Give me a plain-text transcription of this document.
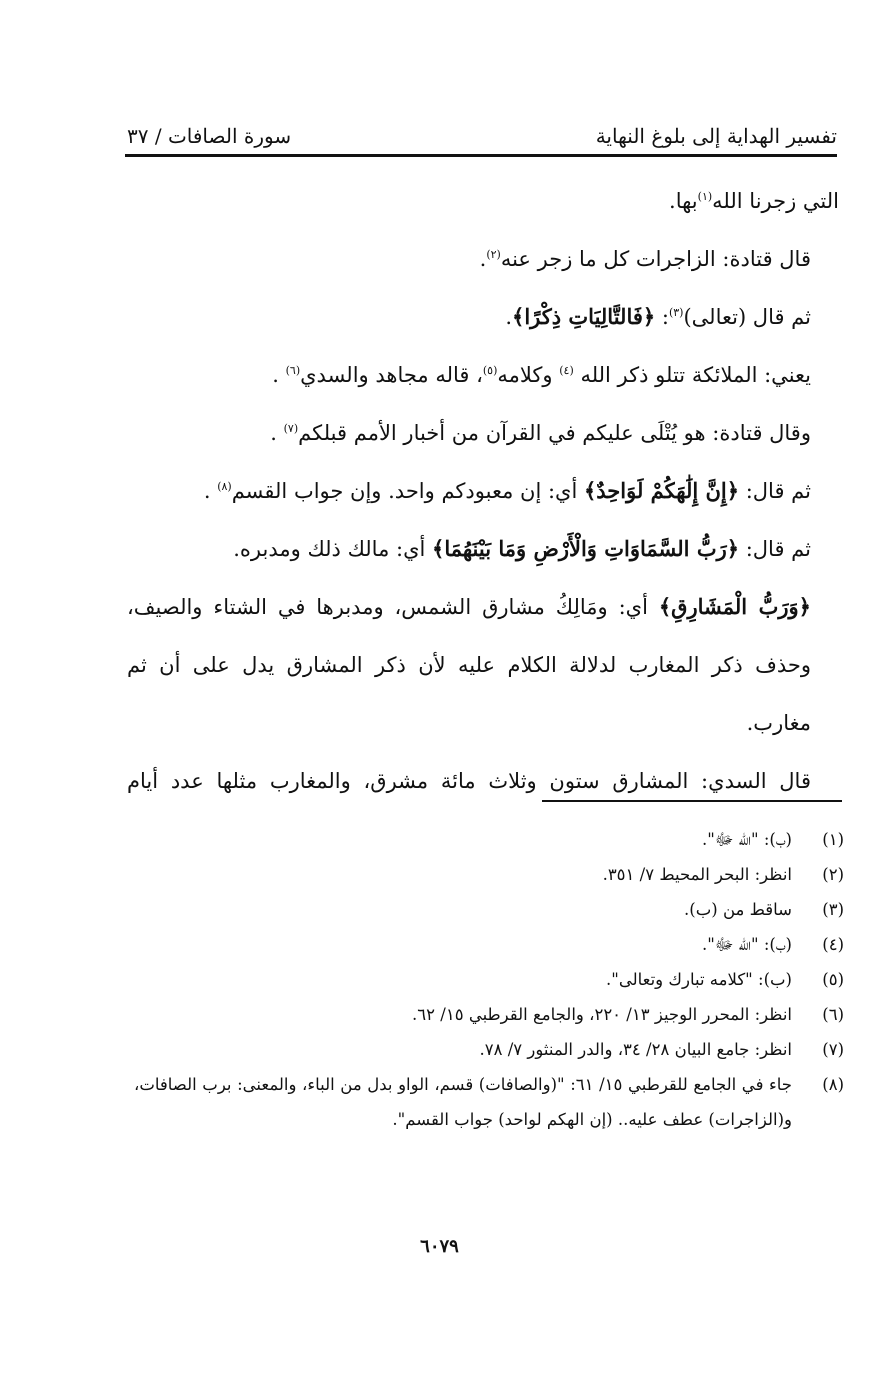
تفسير الهداية إلى بلوغ النهاية
سورة الصافات / ٣٧

التي زجرنا الله$^{(١)}$بها.

قال قتادة: الزاجرات كل ما زجر عنه$^{(٢)}$.

ثم قال (تعالى)$^{(٣)}$: ﴿فَالتَّالِيَاتِ ذِكْرًا﴾.

يعني: الملائكة تتلو ذكر الله $^{(٤)}$ وكلامه$^{(٥)}$، قاله مجاهد والسدي$^{(٦)}$ .

وقال قتادة: هو يُتْلَى عليكم في القرآن من أخبار الأمم قبلكم$^{(٧)}$ .

ثم قال: ﴿إِنَّ إِلَٰهَكُمْ لَوَاحِدٌ﴾ أي: إن معبودكم واحد. وإن جواب القسم$^{(٨)}$ .

ثم قال: ﴿رَبُّ السَّمَاوَاتِ وَالْأَرْضِ وَمَا بَيْنَهُمَا﴾ أي: مالك ذلك ومدبره.

﴿وَرَبُّ الْمَشَارِقِ﴾ أي: ومَالِكُ مشارق الشمس، ومدبرها في الشتاء والصيف، وحذف ذكر المغارب لدلالة الكلام عليه لأن ذكر المشارق يدل على أن ثم مغارب.

قال السدي: المشارق ستون وثلاث مائة مشرق، والمغارب مثلها عدد أيام

(١)
(ب): "الله ﷻ".
(٢)
انظر: البحر المحيط ٧/ ٣٥١.
(٣)
ساقط من (ب).
(٤)
(ب): "الله ﷻ".
(٥)
(ب): "كلامه تبارك وتعالى".
(٦)
انظر: المحرر الوجيز ١٣/ ٢٢٠، والجامع القرطبي ١٥/ ٦٢.
(٧)
انظر: جامع البيان ٢٨/ ٣٤، والدر المنثور ٧/ ٧٨.
(٨)
جاء في الجامع للقرطبي ١٥/ ٦١: "(والصافات) قسم، الواو بدل من الباء، والمعنى: برب الصافات، و(الزاجرات) عطف عليه.. (إن الهكم لواحد) جواب القسم".
٦٠٧٩
